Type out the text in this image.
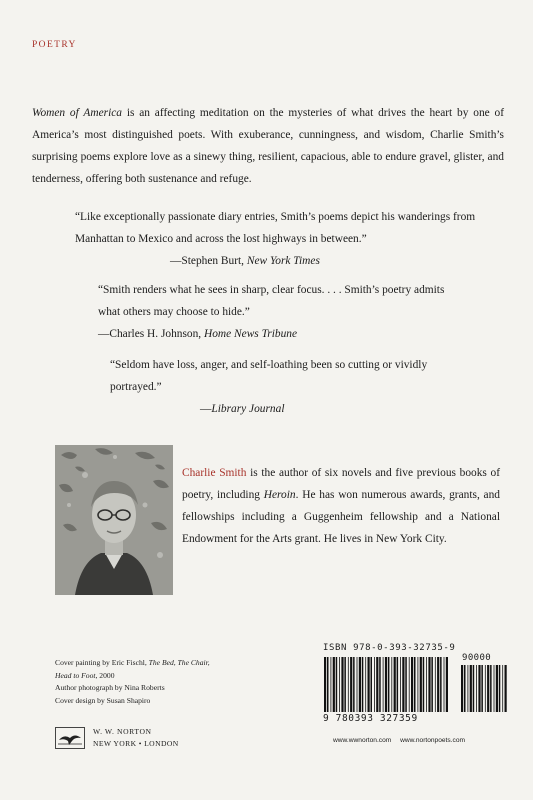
POETRY

Women of America is an affecting meditation on the mysteries of what drives the heart by one of America’s most distinguished poets. With exuberance, cunningness, and wisdom, Charlie Smith’s surprising poems explore love as a sinewy thing, resilient, capacious, able to endure gravel, glister, and tenderness, offering both sustenance and refuge.

“Like exceptionally passionate diary entries, Smith’s poems depict his wanderings from Manhattan to Mexico and across the lost highways in between.”
—Stephen Burt, New York Times
“Smith renders what he sees in sharp, clear focus. . . . Smith’s poetry admits what others may choose to hide.”
—Charles H. Johnson, Home News Tribune
“Seldom have loss, anger, and self-loathing been so cutting or vividly portrayed.”
—Library Journal

Charlie Smith is the author of six novels and five previous books of poetry, including Heroin. He has won numerous awards, grants, and fellowships including a Guggenheim fellowship and a National Endowment for the Arts grant. He lives in New York City.

Cover painting by Eric Fischl, The Bed, The Chair,
Head to Foot, 2000
Author photograph by Nina Roberts
Cover design by Susan Shapiro
W. W. NORTON
NEW YORK • LONDON
ISBN 978-0-393-32735-9
90000
9 780393 327359
www.wwnorton.com www.nortonpoets.com
